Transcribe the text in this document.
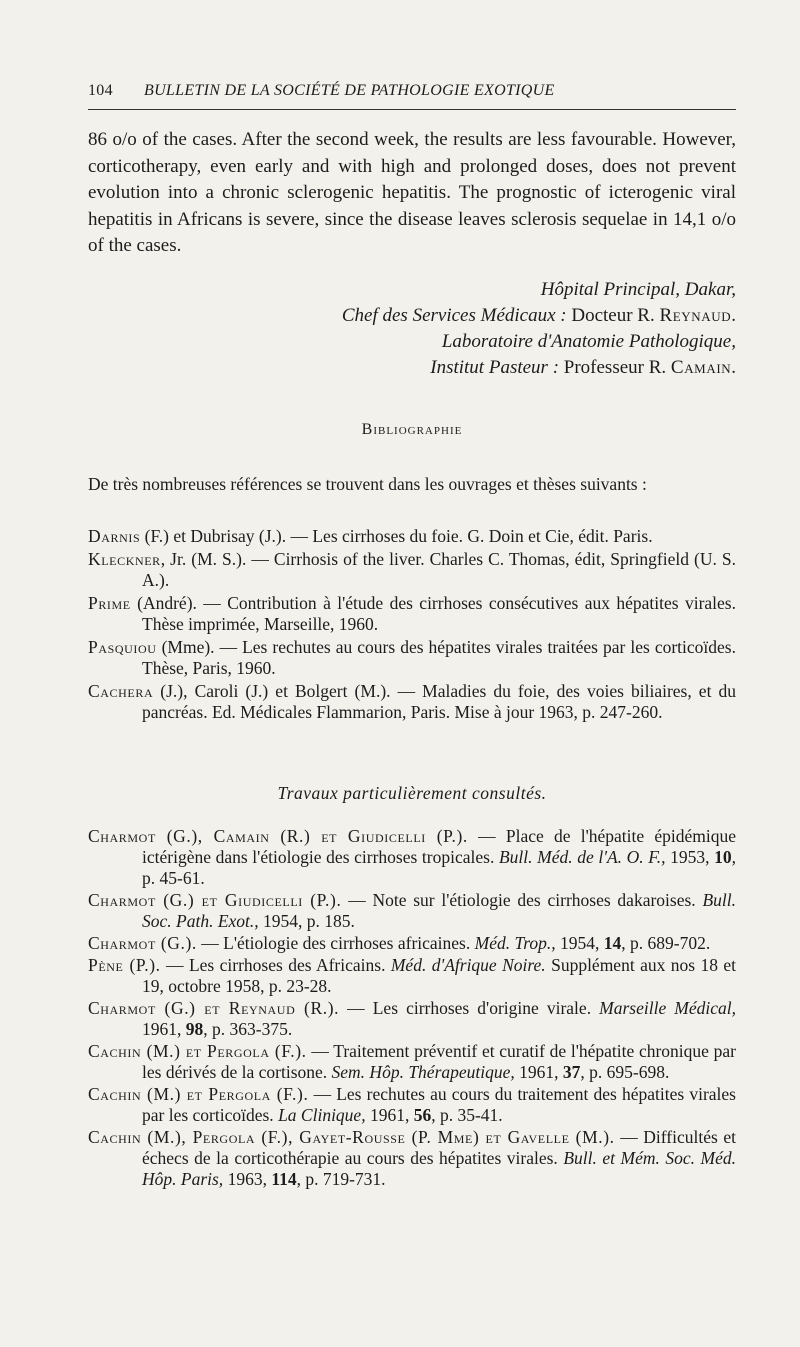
104 BULLETIN DE LA SOCIÉTÉ DE PATHOLOGIE EXOTIQUE
86 o/o of the cases. After the second week, the results are less favourable. However, corticotherapy, even early and with high and prolonged doses, does not prevent evolution into a chronic sclerogenic hepatitis. The prognostic of icterogenic viral hepatitis in Africans is severe, since the disease leaves sclerosis sequelae in 14,1 o/o of the cases.
Hôpital Principal, Dakar,
Chef des Services Médicaux : Docteur R. Reynaud.
Laboratoire d'Anatomie Pathologique,
Institut Pasteur : Professeur R. Camain.
Bibliographie
De très nombreuses références se trouvent dans les ouvrages et thèses suivants :
Darnis (F.) et Dubrisay (J.). — Les cirrhoses du foie. G. Doin et Cie, édit. Paris.
Kleckner, Jr. (M. S.). — Cirrhosis of the liver. Charles C. Thomas, édit, Springfield (U. S. A.).
Prime (André). — Contribution à l'étude des cirrhoses consécutives aux hépatites virales. Thèse imprimée, Marseille, 1960.
Pasquiou (Mme). — Les rechutes au cours des hépatites virales traitées par les corticoïdes. Thèse, Paris, 1960.
Cachera (J.), Caroli (J.) et Bolgert (M.). — Maladies du foie, des voies biliaires, et du pancréas. Ed. Médicales Flammarion, Paris. Mise à jour 1963, p. 247-260.
Travaux particulièrement consultés.
Charmot (G.), Camain (R.) et Giudicelli (P.). — Place de l'hépatite épidémique ictérigène dans l'étiologie des cirrhoses tropicales. Bull. Méd. de l'A. O. F., 1953, 10, p. 45-61.
Charmot (G.) et Giudicelli (P.). — Note sur l'étiologie des cirrhoses dakaroises. Bull. Soc. Path. Exot., 1954, p. 185.
Charmot (G.). — L'étiologie des cirrhoses africaines. Méd. Trop., 1954, 14, p. 689-702.
Pène (P.). — Les cirrhoses des Africains. Méd. d'Afrique Noire. Supplément aux nos 18 et 19, octobre 1958, p. 23-28.
Charmot (G.) et Reynaud (R.). — Les cirrhoses d'origine virale. Marseille Médical, 1961, 98, p. 363-375.
Cachin (M.) et Pergola (F.). — Traitement préventif et curatif de l'hépatite chronique par les dérivés de la cortisone. Sem. Hôp. Thérapeutique, 1961, 37, p. 695-698.
Cachin (M.) et Pergola (F.). — Les rechutes au cours du traitement des hépatites virales par les corticoïdes. La Clinique, 1961, 56, p. 35-41.
Cachin (M.), Pergola (F.), Gayet-Rousse (P. Mme) et Gavelle (M.). — Difficultés et échecs de la corticothérapie au cours des hépatites virales. Bull. et Mém. Soc. Méd. Hôp. Paris, 1963, 114, p. 719-731.
